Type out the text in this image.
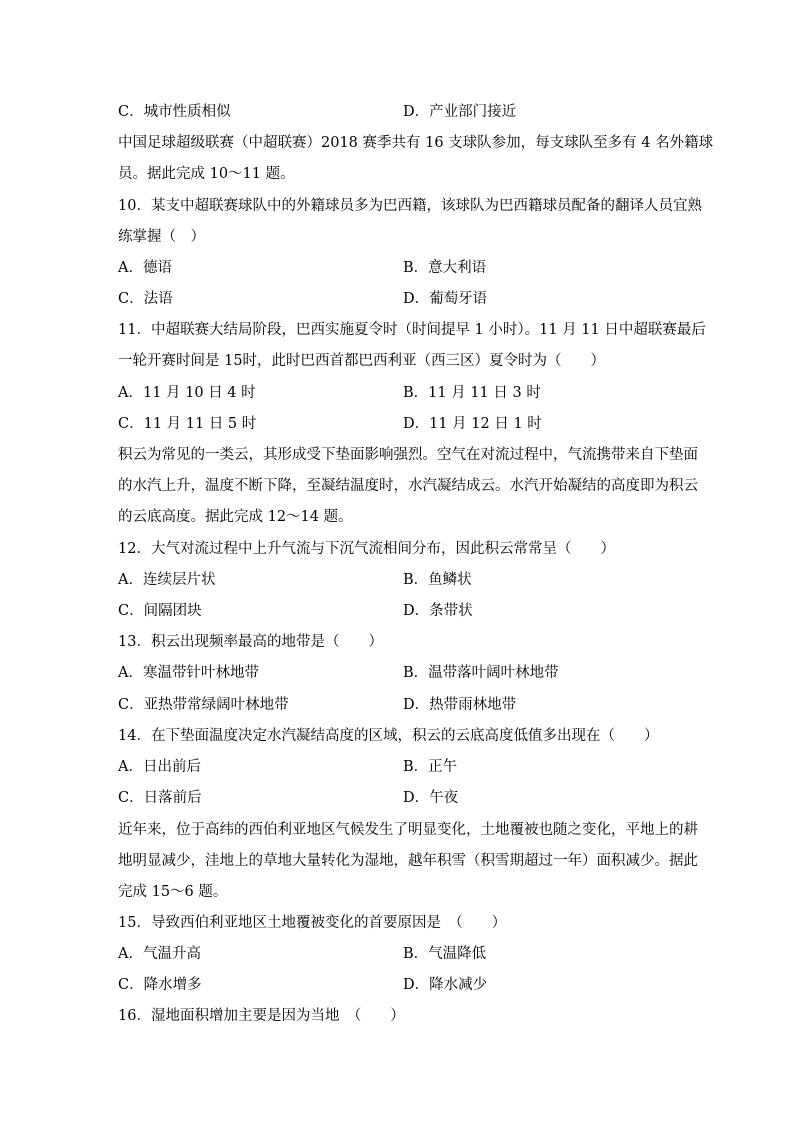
C．城市性质相似	D．产业部门接近
中国足球超级联赛（中超联赛）2018 赛季共有 16 支球队参加，每支球队至多有 4 名外籍球
员。据此完成 10～11 题。
10．某支中超联赛球队中的外籍球员多为巴西籍，该球队为巴西籍球员配备的翻译人员宜熟
练掌握（　）
A．德语	B．意大利语
C．法语	D．葡萄牙语
11．中超联赛大结局阶段，巴西实施夏令时（时间提早 1 小时）。11 月 11 日中超联赛最后
一轮开赛时间是 15时，此时巴西首都巴西利亚（西三区）夏令时为（　　）
A．11 月 10 日 4 时	B．11 月 11 日 3 时
C．11 月 11 日 5 时	D．11 月 12 日 1 时
积云为常见的一类云，其形成受下垫面影响强烈。空气在对流过程中，气流携带来自下垫面
的水汽上升，温度不断下降，至凝结温度时，水汽凝结成云。水汽开始凝结的高度即为积云
的云底高度。据此完成 12～14 题。
12．大气对流过程中上升气流与下沉气流相间分布，因此积云常常呈（　　）
A．连续层片状	B．鱼鳞状
C．间隔团块	D．条带状
13．积云出现频率最高的地带是（　　）
A．寒温带针叶林地带	B．温带落叶阔叶林地带
C．亚热带常绿阔叶林地带	D．热带雨林地带
14．在下垫面温度决定水汽凝结高度的区域，积云的云底高度低值多出现在（　　）
A．日出前后	B．正午
C．日落前后	D．午夜
近年来，位于高纬的西伯利亚地区气候发生了明显变化，土地覆被也随之变化，平地上的耕
地明显减少，洼地上的草地大量转化为湿地，越年积雪（积雪期超过一年）面积减少。据此
完成 15～6 题。
15．导致西伯利亚地区土地覆被变化的首要原因是　（　　）
A．气温升高	B．气温降低
C．降水增多	D．降水减少
16．湿地面积增加主要是因为当地　（　　）
